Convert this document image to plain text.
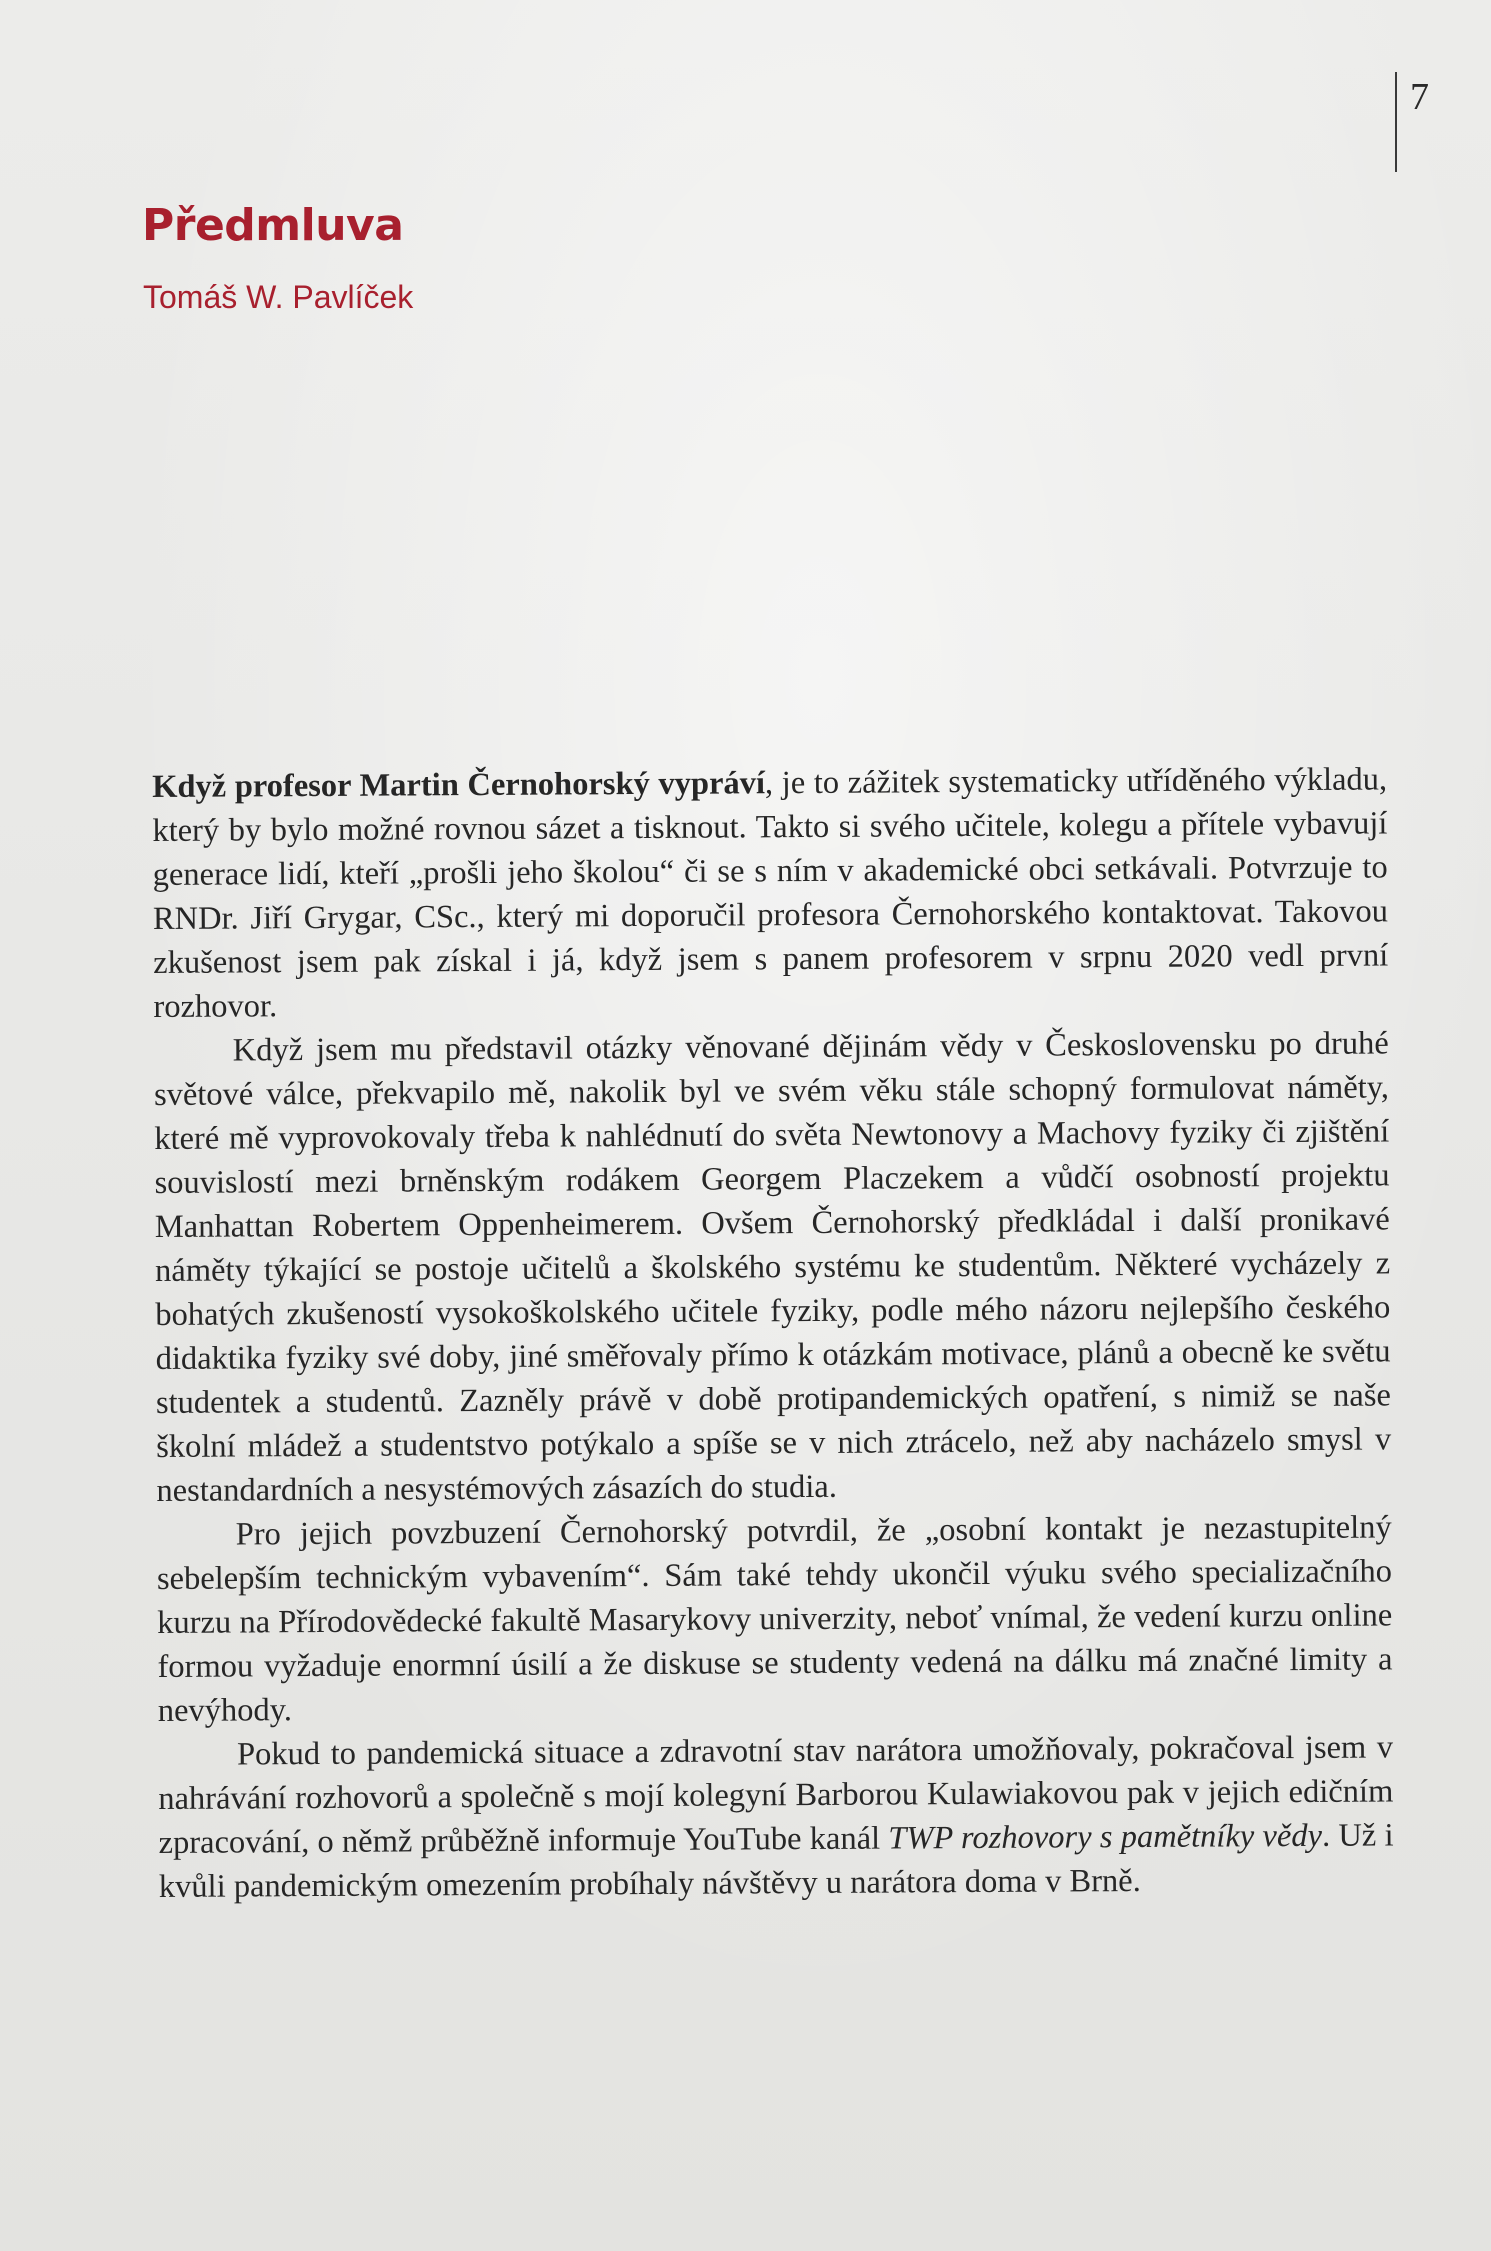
7
Předmluva

Tomáš W. Pavlíček

Když profesor Martin Černohorský vypráví, je to zážitek systematicky utříděného výkladu, který by bylo možné rovnou sázet a tisknout. Takto si svého učitele, kolegu a přítele vybavují generace lidí, kteří „prošli jeho školou“ či se s ním v akademické obci setkávali. Potvrzuje to RNDr. Jiří Grygar, CSc., který mi doporučil profesora Černohorského kontaktovat. Takovou zkušenost jsem pak získal i já, když jsem s panem profesorem v srpnu 2020 vedl první rozhovor.

Když jsem mu představil otázky věnované dějinám vědy v Československu po druhé světové válce, překvapilo mě, nakolik byl ve svém věku stále schopný formulovat náměty, které mě vyprovokovaly třeba k nahlédnutí do světa Newtonovy a Machovy fyziky či zjištění souvislostí mezi brněnským rodákem Georgem Placzekem a vůdčí osobností projektu Manhattan Robertem Oppenheimerem. Ovšem Černohorský předkládal i další pronikavé náměty týkající se postoje učitelů a školského systému ke studentům. Některé vycházely z bohatých zkušeností vysokoškolského učitele fyziky, podle mého názoru nejlepšího českého didaktika fyziky své doby, jiné směřovaly přímo k otázkám motivace, plánů a obecně ke světu studentek a studentů. Zazněly právě v době protipandemických opatření, s nimiž se naše školní mládež a studentstvo potýkalo a spíše se v nich ztrácelo, než aby nacházelo smysl v nestandardních a nesystémových zásazích do studia.

Pro jejich povzbuzení Černohorský potvrdil, že „osobní kontakt je nezastupitelný sebelepším technickým vybavením“. Sám také tehdy ukončil výuku svého specializačního kurzu na Přírodovědecké fakultě Masarykovy univerzity, neboť vnímal, že vedení kurzu online formou vyžaduje enormní úsilí a že diskuse se studenty vedená na dálku má značné limity a nevýhody.

Pokud to pandemická situace a zdravotní stav narátora umožňovaly, pokračoval jsem v nahrávání rozhovorů a společně s mojí kolegyní Barborou Kulawiakovou pak v jejich edičním zpracování, o němž průběžně informuje YouTube kanál TWP rozhovory s pamětníky vědy. Už i kvůli pandemickým omezením probíhaly návštěvy u narátora doma v Brně.
